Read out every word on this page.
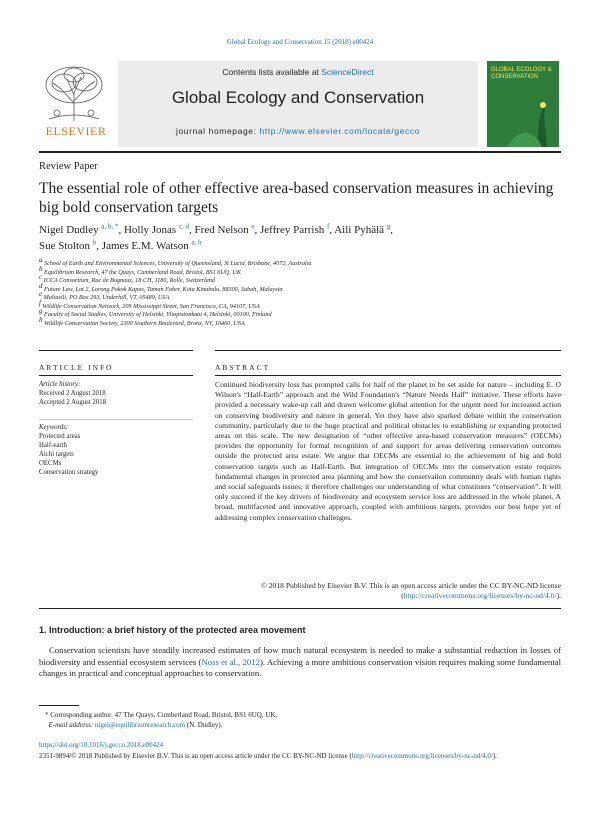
Global Ecology and Conservation 15 (2018) e00424
ELSEVIER
Contents lists available at ScienceDirect
Global Ecology and Conservation
journal homepage: http://www.elsevier.com/locate/gecco
GLOBAL ECOLOGY & CONSERVATION
Review Paper
The essential role of other effective area-based conservation measures in achieving big bold conservation targets
Nigel Dudley $^{a, b, *}$, Holly Jonas $^{c, d}$, Fred Nelson $^e$, Jeffrey Parrish $^f$, Aili Pyhälä $^g$,
Sue Stolton $^b$, James E.M. Watson $^{a, h}$
$^a$ School of Earth and Environmental Sciences, University of Queensland, St Lucia, Brisbane, 4072, Australia
$^b$ Equilibrium Research, 47 the Quays, Cumberland Road, Bristol, BS1 6UQ, UK
$^c$ ICCA Consortium, Rue de Bugnaux, 18 CH, 1180, Rolle, Switzerland
$^d$ Future Law, Lot 2, Lorong Pokok Kapas, Taman Faber, Kota Kinabalu, 88300, Sabah, Malaysia
$^e$ Maliasili, PO Box 293, Underhill, VT, 05489, USA
$^f$ Wildlife Conservation Network, 209 Mississippi Street, San Francisco, CA, 94107, USA
$^g$ Faculty of Social Studies, University of Helsinki, Yliopistonkatu 4, Helsinki, 00100, Finland
$^h$ Wildlife Conservation Society, 2300 Southern Boulevard, Bronx, NY, 10460, USA
ARTICLE INFO	ABSTRACT
Article history:
Received 2 August 2018
Accepted 2 August 2018
Keywords:
Protected areas
Half-earth
Aichi targets
OECMs
Conservation strategy
Continued biodiversity loss has prompted calls for half of the planet to be set aside for nature – including E. O Wilson's “Half-Earth” approach and the Wild Foundation's “Nature Needs Half” initiative. These efforts have provided a necessary wake-up call and drawn welcome global attention for the urgent need for increased action on conserving biodiversity and nature in general. Yet they have also sparked debate within the conservation community, particularly due to the huge practical and political obstacles to establishing or expanding protected areas on this scale. The new designation of “other effective area-based conservation measures” (OECMs) provides the opportunity for formal recognition of and support for areas delivering conservation outcomes outside the protected area estate. We argue that OECMs are essential to the achievement of big and bold conservation targets such as Half-Earth. But integration of OECMs into the conservation estate requires fundamental changes in protected area planning and how the conservation community deals with human rights and social safeguards issues; it therefore challenges our understanding of what constitutes “conservation”. It will only succeed if the key drivers of biodiversity and ecosystem service loss are addressed in the whole planet. A broad, multifaceted and innovative approach, coupled with ambitious targets, provides our best hope yet of addressing complex conservation challenges.
© 2018 Published by Elsevier B.V. This is an open access article under the CC BY-NC-ND license (http://creativecommons.org/licenses/by-nc-nd/4.0/).
1. Introduction: a brief history of the protected area movement
Conservation scientists have steadily increased estimates of how much natural ecosystem is needed to make a substantial reduction in losses of biodiversity and essential ecosystem services (Noss et al., 2012). Achieving a more ambitious conservation vision requires making some fundamental changes in practical and conceptual approaches to conservation.
* Corresponding author. 47 The Quays, Cumberland Road, Bristol, BS1 6UQ, UK.
E-mail address: nigel@equilibriumresearch.com (N. Dudley).
https://doi.org/10.1016/j.gecco.2018.e00424
2351-9894/© 2018 Published by Elsevier B.V. This is an open access article under the CC BY-NC-ND license (http://creativecommons.org/licenses/by-nc-nd/4.0/).
